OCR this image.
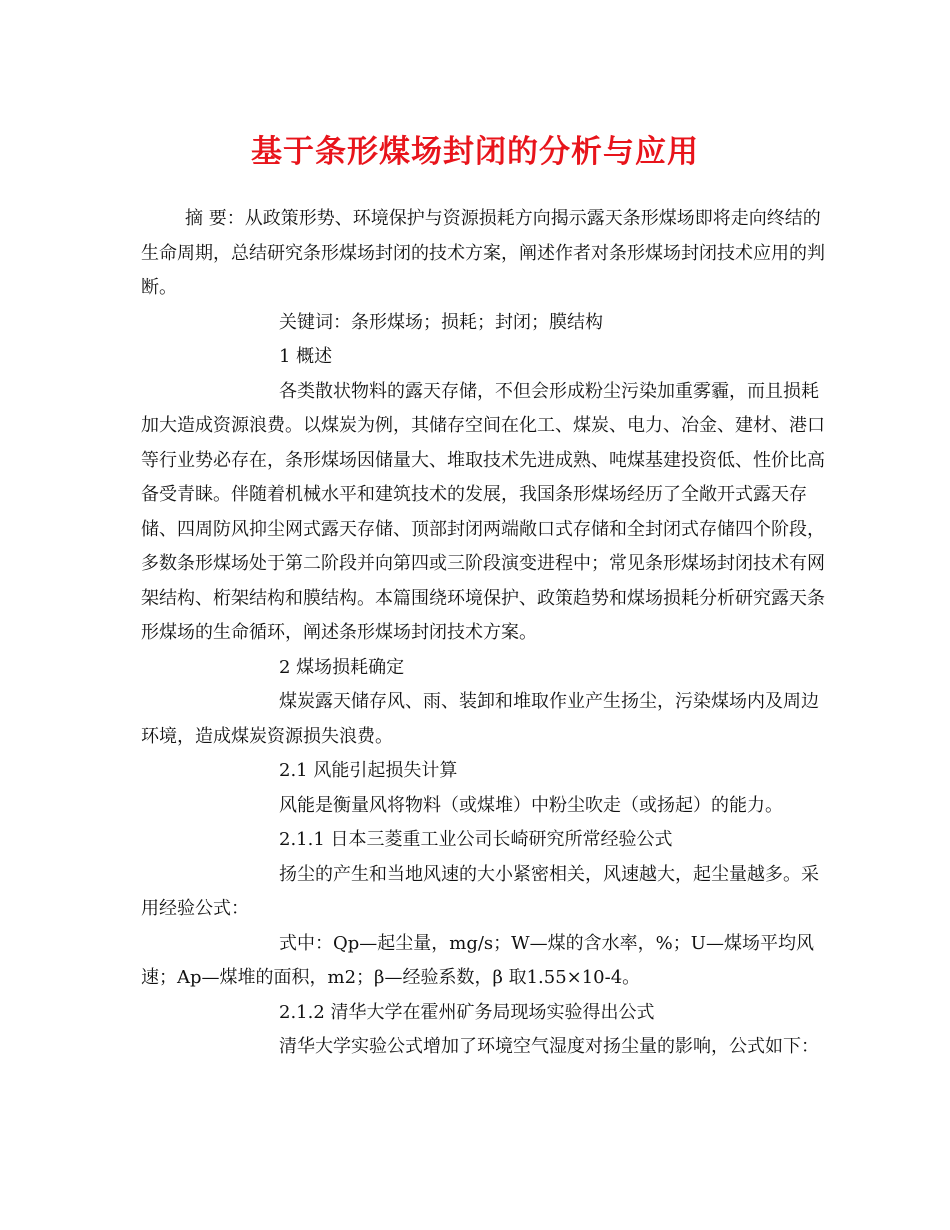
基于条形煤场封闭的分析与应用

摘 要：从政策形势、环境保护与资源损耗方向揭示露天条形煤场即将走向终结的生命周期，总结研究条形煤场封闭的技术方案，阐述作者对条形煤场封闭技术应用的判断。

关键词：条形煤场；损耗；封闭；膜结构

1 概述

各类散状物料的露天存储，不但会形成粉尘污染加重雾霾，而且损耗加大造成资源浪费。以煤炭为例，其储存空间在化工、煤炭、电力、冶金、建材、港口等行业势必存在，条形煤场因储量大、堆取技术先进成熟、吨煤基建投资低、性价比高备受青睐。伴随着机械水平和建筑技术的发展，我国条形煤场经历了全敞开式露天存储、四周防风抑尘网式露天存储、顶部封闭两端敞口式存储和全封闭式存储四个阶段，多数条形煤场处于第二阶段并向第四或三阶段演变进程中；常见条形煤场封闭技术有网架结构、桁架结构和膜结构。本篇围绕环境保护、政策趋势和煤场损耗分析研究露天条形煤场的生命循环，阐述条形煤场封闭技术方案。

2 煤场损耗确定

煤炭露天储存风、雨、装卸和堆取作业产生扬尘，污染煤场内及周边环境，造成煤炭资源损失浪费。

2.1 风能引起损失计算

风能是衡量风将物料（或煤堆）中粉尘吹走（或扬起）的能力。

2.1.1 日本三菱重工业公司长崎研究所常经验公式

扬尘的产生和当地风速的大小紧密相关，风速越大，起尘量越多。采用经验公式：

式中：Qp—起尘量，mg/s；W—煤的含水率，%；U—煤场平均风速；Ap—煤堆的面积，m2；β—经验系数，β 取1.55×10-4。

2.1.2 清华大学在霍州矿务局现场实验得出公式

清华大学实验公式增加了环境空气湿度对扬尘量的影响，公式如下：
